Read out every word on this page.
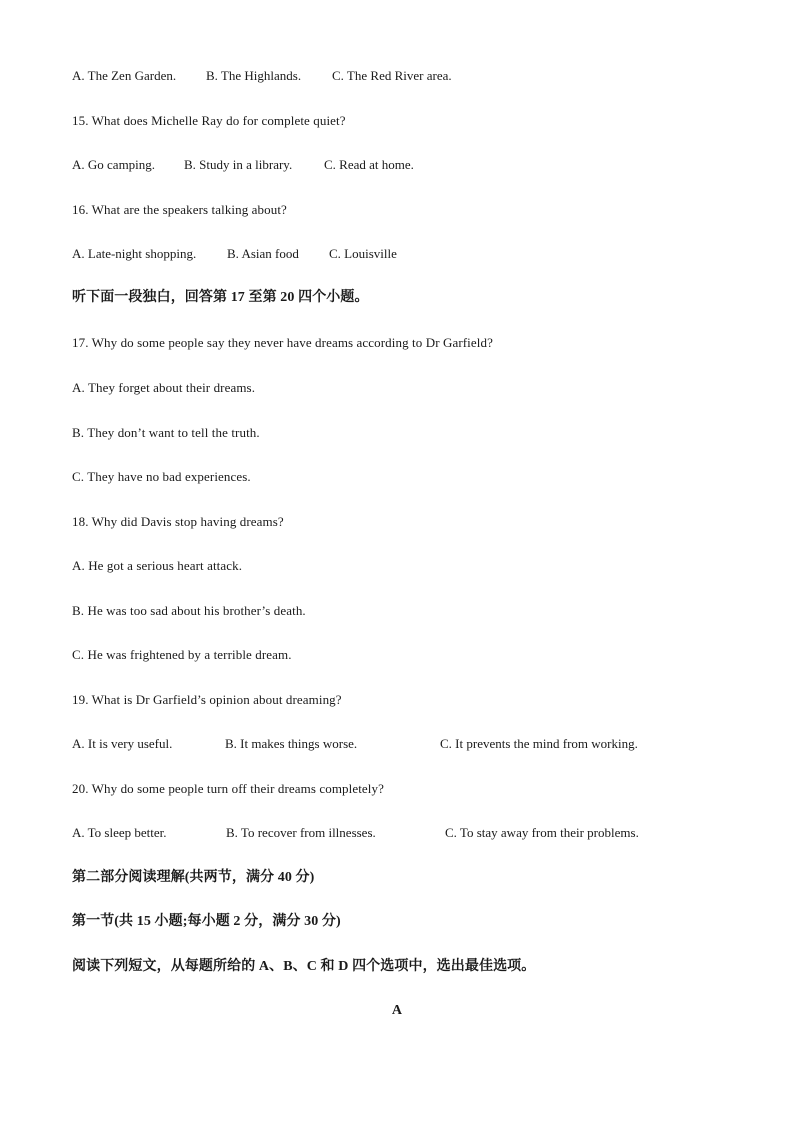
A. The Zen Garden. B. The Highlands. C. The Red River area.
15. What does Michelle Ray do for complete quiet?
A. Go camping. B. Study in a library. C. Read at home.
16. What are the speakers talking about?
A. Late-night shopping. B. Asian food C. Louisville
听下面一段独白，回答第 17 至第 20 四个小题。
17. Why do some people say they never have dreams according to Dr Garfield?
A. They forget about their dreams.
B. They don’t want to tell the truth.
C. They have no bad experiences.
18. Why did Davis stop having dreams?
A. He got a serious heart attack.
B. He was too sad about his brother’s death.
C. He was frightened by a terrible dream.
19. What is Dr Garfield’s opinion about dreaming?
A. It is very useful.	B. It makes things worse.	C. It prevents the mind from working.
20. Why do some people turn off their dreams completely?
A. To sleep better.	B. To recover from illnesses.	C. To stay away from their problems.
第二部分阅读理解(共两节，满分 40 分)
第一节(共 15 小题;每小题 2 分，满分 30 分)
阅读下列短文，从每题所给的 A、B、C 和 D 四个选项中，选出最佳选项。
A
